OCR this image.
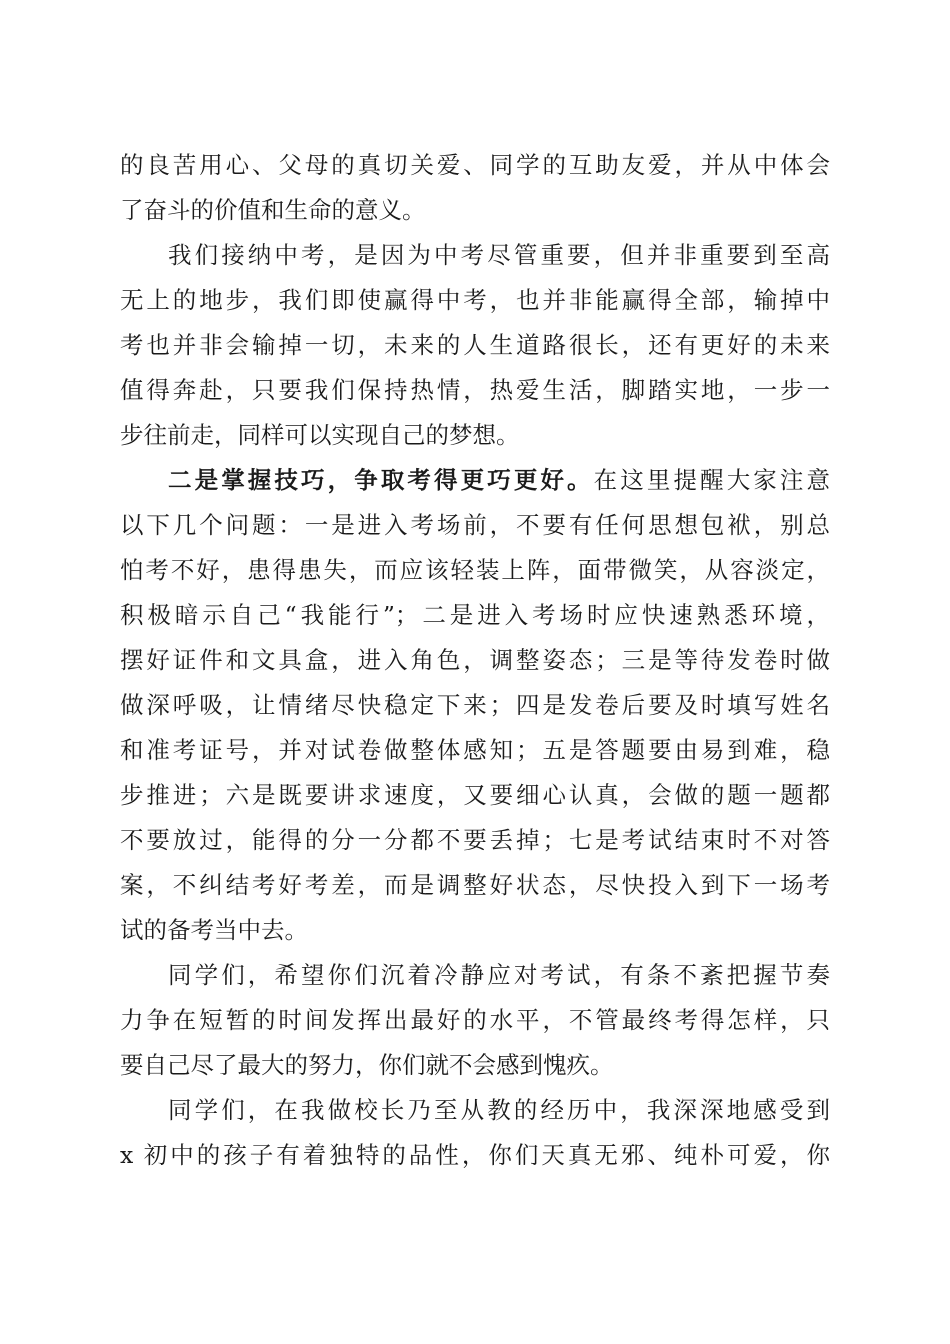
的良苦用心、父母的真切关爱、同学的互助友爱，并从中体会
了奋斗的价值和生命的意义。
我们接纳中考，是因为中考尽管重要，但并非重要到至高
无上的地步，我们即使赢得中考，也并非能赢得全部，输掉中
考也并非会输掉一切，未来的人生道路很长，还有更好的未来
值得奔赴，只要我们保持热情，热爱生活，脚踏实地，一步一
步往前走，同样可以实现自己的梦想。
二是掌握技巧，争取考得更巧更好。在这里提醒大家注意
以下几个问题：一是进入考场前，不要有任何思想包袱，别总
怕考不好，患得患失，而应该轻装上阵，面带微笑，从容淡定，
积极暗示自己“我能行”；二是进入考场时应快速熟悉环境，
摆好证件和文具盒，进入角色，调整姿态；三是等待发卷时做
做深呼吸，让情绪尽快稳定下来；四是发卷后要及时填写姓名
和准考证号，并对试卷做整体感知；五是答题要由易到难，稳
步推进；六是既要讲求速度，又要细心认真，会做的题一题都
不要放过，能得的分一分都不要丢掉；七是考试结束时不对答
案，不纠结考好考差，而是调整好状态，尽快投入到下一场考
试的备考当中去。
同学们，希望你们沉着冷静应对考试，有条不紊把握节奏
力争在短暂的时间发挥出最好的水平，不管最终考得怎样，只
要自己尽了最大的努力，你们就不会感到愧疚。
同学们，在我做校长乃至从教的经历中，我深深地感受到
x 初中的孩子有着独特的品性，你们天真无邪、纯朴可爱，你
